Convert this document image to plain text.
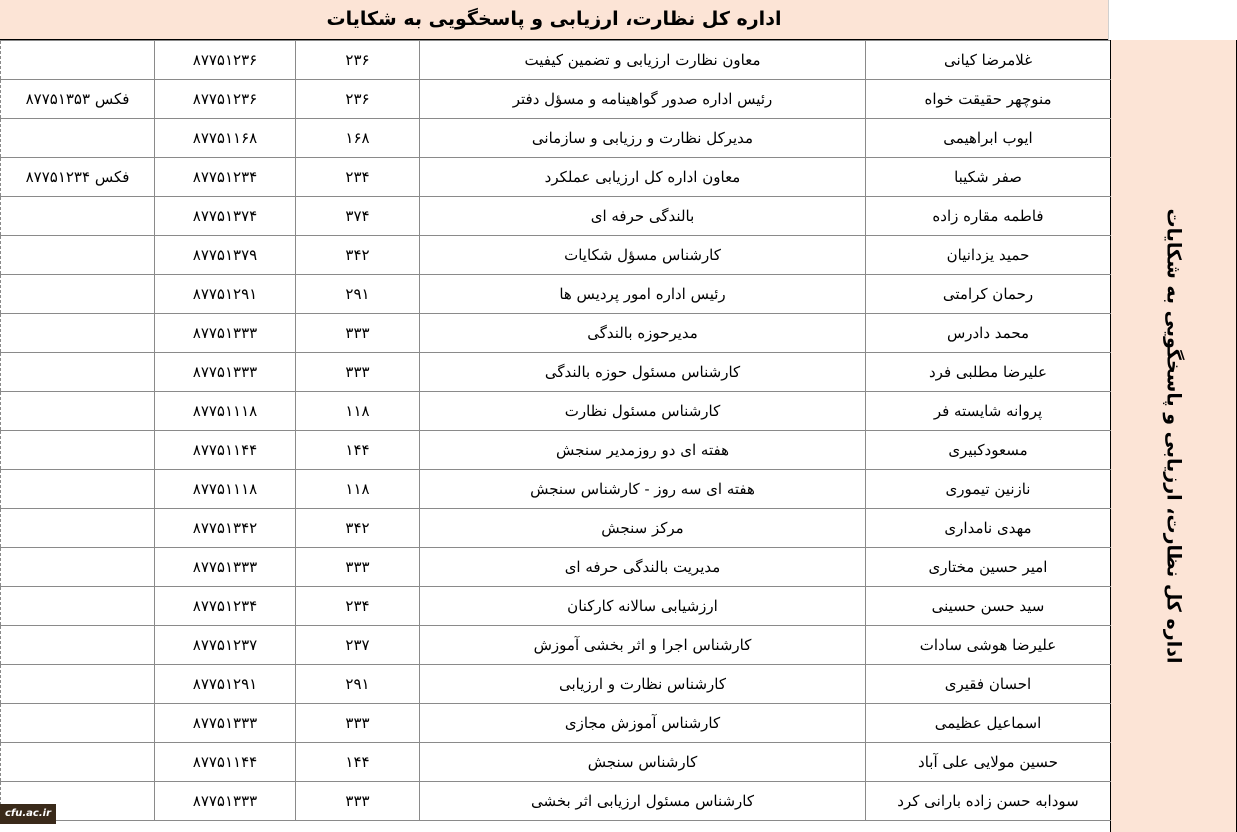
اداره کل نظارت، ارزیابی و پاسخگویی به شکایات
اداره کل نظارت، ارزیابی و پاسخگویی به شکایات
	۸۷۷۵۱۲۳۶	۲۳۶	معاون نظارت ارزیابی و تضمین کیفیت	غلامرضا کیانی
فکس ۸۷۷۵۱۳۵۳	۸۷۷۵۱۲۳۶	۲۳۶	رئیس اداره صدور گواهینامه و مسؤل دفتر	منوچهر حقیقت خواه
	۸۷۷۵۱۱۶۸	۱۶۸	مدیرکل نظارت و رزیابی و سازمانی	ایوب ابراهیمی
فکس ۸۷۷۵۱۲۳۴	۸۷۷۵۱۲۳۴	۲۳۴	معاون اداره کل ارزیابی عملکرد	صفر شکیبا
	۸۷۷۵۱۳۷۴	۳۷۴	بالندگی حرفه ای	فاطمه مقاره زاده
	۸۷۷۵۱۳۷۹	۳۴۲	کارشناس مسؤل شکایات	حمید یزدانیان
	۸۷۷۵۱۲۹۱	۲۹۱	رئیس اداره امور پردیس ها	رحمان کرامتی
	۸۷۷۵۱۳۳۳	۳۳۳	مدیرحوزه بالندگی	محمد دادرس
	۸۷۷۵۱۳۳۳	۳۳۳	کارشناس مسئول حوزه بالندگی	علیرضا مطلبی فرد
	۸۷۷۵۱۱۱۸	۱۱۸	کارشناس مسئول نظارت	پروانه شایسته فر
	۸۷۷۵۱۱۴۴	۱۴۴	هفته ای دو روزمدیر سنجش	مسعودکبیری
	۸۷۷۵۱۱۱۸	۱۱۸	هفته ای سه روز - کارشناس سنجش	نازنین تیموری
	۸۷۷۵۱۳۴۲	۳۴۲	مرکز سنجش	مهدی نامداری
	۸۷۷۵۱۳۳۳	۳۳۳	مدیریت بالندگی حرفه ای	امیر حسین مختاری
	۸۷۷۵۱۲۳۴	۲۳۴	ارزشیابی سالانه کارکنان	سید حسن حسینی
	۸۷۷۵۱۲۳۷	۲۳۷	کارشناس اجرا و اثر بخشی آموزش	علیرضا هوشی سادات
	۸۷۷۵۱۲۹۱	۲۹۱	کارشناس نظارت و ارزیابی	احسان فقیری
	۸۷۷۵۱۳۳۳	۳۳۳	کارشناس آموزش مجازی	اسماعیل عظیمی
	۸۷۷۵۱۱۴۴	۱۴۴	کارشناس سنجش	حسین مولایی علی آباد
	۸۷۷۵۱۳۳۳	۳۳۳	کارشناس مسئول ارزیابی اثر بخشی	سودابه حسن زاده بارانی کرد
cfu.ac.ir
